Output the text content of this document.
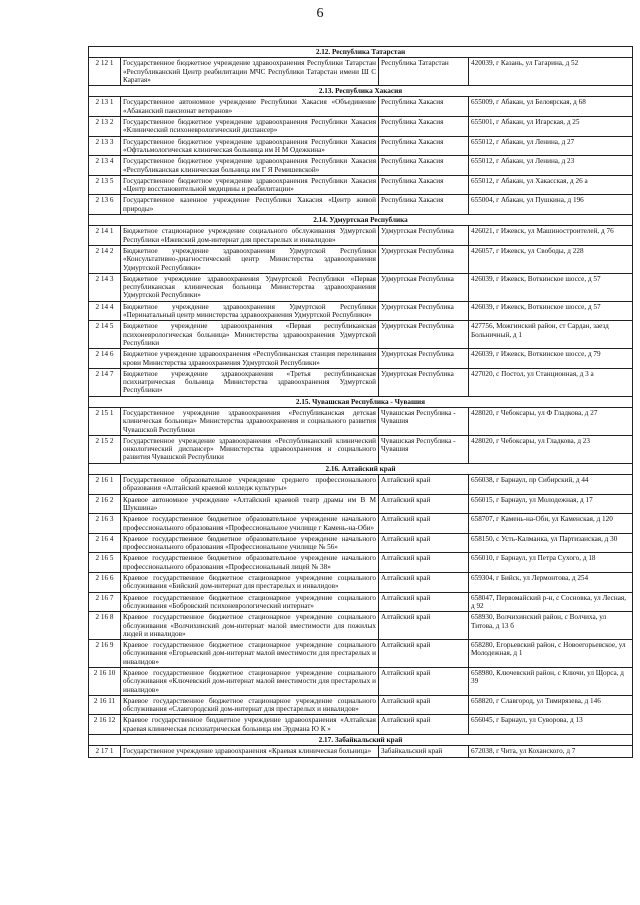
6
2.12. Республика Татарстан			
2 12 1	Государственное бюджетное учреждение здравоохранения Республики Татарстан «Республиканский Центр реабилитации МЧС Республики Татарстан имени Ш С Каратая»	Республика Татарстан	420039, г Казань, ул Гагарина, д 52
2.13. Республика Хакасия			
2 13 1	Государственное автономное учреждение Республики Хакасия «Объединение «Абаканский пансионат ветеранов»	Республика Хакасия	655009, г Абакан, ул Белоярская, д 68
2 13 2	Государственное бюджетное учреждение здравоохранения Республики Хакасия «Клинический психоневрологический диспансер»	Республика Хакасия	655001, г Абакан, ул Игарская, д 25
2 13 3	Государственное бюджетное учреждение здравоохранения Республики Хакасия «Офтальмологическая клиническая больница им Н М Одежкина»	Республика Хакасия	655012, г Абакан, ул Ленина, д 27
2 13 4	Государственное бюджетное учреждение здравоохранения Республики Хакасия «Республиканская клиническая больница им Г Я Ремишевской»	Республика Хакасия	655012, г Абакан, ул Ленина, д 23
2 13 5	Государственное бюджетное учреждение здравоохранения Республики Хакасия «Центр восстановительной медицины и реабилитации»	Республика Хакасия	655012, г Абакан, ул Хакасская, д 26 а
2 13 6	Государственное казенное учреждение Республики Хакасия «Центр живой природы»	Республика Хакасия	655004, г Абакан, ул Пушкина, д 196
2.14. Удмуртская Республика			
2 14 1	Бюджетное стационарное учреждение социального обслуживания Удмуртской Республики «Ижевский дом-интернат для престарелых и инвалидов»	Удмуртская Республика	426021, г Ижевск, ул Машиностроителей, д 76
2 14 2	Бюджетное учреждение здравоохранения Удмуртской Республики «Консультативно-диагностический центр Министерства здравоохранения Удмуртской Республики»	Удмуртская Республика	426057, г Ижевск, ул Свободы, д 228
2 14 3	Бюджетное учреждение здравоохранения Удмуртской Республики «Первая республиканская клиническая больница Министерства здравоохранения Удмуртской Республики»	Удмуртская Республика	426039, г Ижевск, Воткинское шоссе, д 57
2 14 4	Бюджетное учреждение здравоохранения Удмуртской Республики «Перинатальный центр министерства здравоохранения Удмуртской Республики»	Удмуртская Республика	426039, г Ижевск, Воткинское шоссе, д 57
2 14 5	Бюджетное учреждение здравоохранения «Первая республиканская психоневрологическая больница» Министерства здравоохранения Удмуртской Республики	Удмуртская Республика	427756, Можгинский район, ст Сардан, заезд Больничный, д 1
2 14 6	Бюджетное учреждение здравоохранения «Республиканская станция переливания крови Министерства здравоохранения Удмуртской Республики»	Удмуртская Республика	426039, г Ижевск, Воткинское шоссе, д 79
2 14 7	Бюджетное учреждение здравоохранения «Третья республиканская психиатрическая больница Министерства здравоохранения Удмуртской Республики»	Удмуртская Республика	427020, с Постол, ул Станционная, д 3 а
2.15. Чувашская Республика - Чувашия			
2 15 1	Государственное учреждение здравоохранения «Республиканская детская клиническая больница» Министерства здравоохранения и социального развития Чувашской Республики	Чувашская Республика - Чувашия	428020, г Чебоксары, ул Ф Гладкова, д 27
2 15 2	Государственное учреждение здравоохранения «Республиканский клинический онкологический диспансер» Министерства здравоохранения и социального развития Чувашской Республики	Чувашская Республика - Чувашия	428020, г Чебоксары, ул Гладкова, д 23
2.16. Алтайский край			
2 16 1	Государственное образовательное учреждение среднего профессионального образования «Алтайский краевой колледж культуры»	Алтайский край	656038, г Барнаул, пр Сибирский, д 44
2 16 2	Краевое автономное учреждение «Алтайский краевой театр драмы им В М Шукшина»	Алтайский край	656015, г Барнаул, ул Молодежная, д 17
2 16 3	Краевое государственное бюджетное образовательное учреждение начального профессионального образования «Профессиональное училище г Камень-на-Оби»	Алтайский край	658707, г Камень-на-Оби, ул Каменская, д 120
2 16 4	Краевое государственное бюджетное образовательное учреждение начального профессионального образования «Профессиональное училище № 56»	Алтайский край	658150, с Усть-Калманка, ул Партизанская, д 30
2 16 5	Краевое государственное бюджетное образовательное учреждение начального профессионального образования «Профессиональный лицей № 38»	Алтайский край	656010, г Барнаул, ул Петра Сухого, д 18
2 16 6	Краевое государственное бюджетное стационарное учреждение социального обслуживания «Бийский дом-интернат для престарелых и инвалидов»	Алтайский край	659304, г Бийск, ул Лермонтова, д 254
2 16 7	Краевое государственное бюджетное стационарное учреждение социального обслуживания «Бобровский психоневрологический интернат»	Алтайский край	658047, Первомайский р-н, с Сосновка, ул Лесная, д 92
2 16 8	Краевое государственное бюджетное стационарное учреждение социального обслуживания «Волчихинский дом-интернат малой вместимости для пожилых людей и инвалидов»	Алтайский край	658930, Волчихинский район, с Волчиха, ул Титова, д 13 б
2 16 9	Краевое государственное бюджетное стационарное учреждение социального обслуживания «Егорьевский дом-интернат малой вместимости для престарелых и инвалидов»	Алтайский край	658280, Егорьевский район, с Новоегорьевское, ул Молодежная, д 1
2 16 10	Краевое государственное бюджетное стационарное учреждение социального обслуживания «Ключевский дом-интернат малой вместимости для престарелых и инвалидов»	Алтайский край	658980, Ключевский район, с Ключи, ул Щорса, д 39
2 16 11	Краевое государственное бюджетное стационарное учреждение социального обслуживания «Славгородский дом-интернат для престарелых и инвалидов»	Алтайский край	658820, г Славгород, ул Тимирязева, д 146
2 16 12	Краевое государственное бюджетное учреждение здравоохранения «Алтайская краевая клиническая психиатрическая больница им Эрдмана Ю К »	Алтайский край	656045, г Барнаул, ул Суворова, д 13
2.17. Забайкальский край			
2 17 1	Государственное учреждение здравоохранения «Краевая клиническая больница»	Забайкальский край	672038, г Чита, ул Коханского, д 7
